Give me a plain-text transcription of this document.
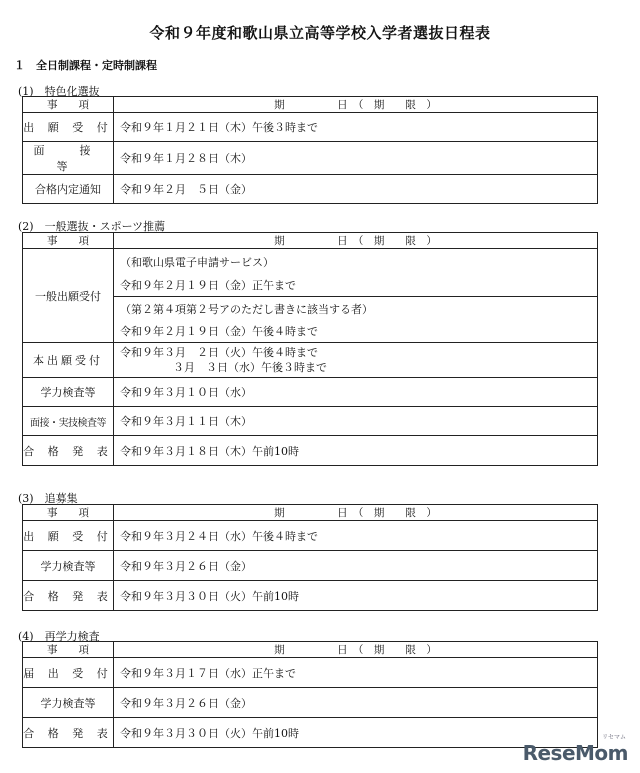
令和９年度和歌山県立高等学校入学者選抜日程表
１　全日制課程・定時制課程
(1)　特色化選抜
事　　項	期　　　　　日　（　期　　限　）
出 願 受 付	令和９年１月２１日（木）午後３時まで
面　接　等	令和９年１月２８日（木）
合格内定通知	令和９年２月　５日（金）
(2)　一般選抜・スポーツ推薦
事　　項	期　　　　　日　（　期　　限　）
一般出願受付	（和歌山県電子申請サービス）
	令和９年２月１９日（金）正午まで
	（第２第４項第２号アのただし書きに該当する者）
	令和９年２月１９日（金）午後４時まで
本出願受付	令和９年３月　２日（火）午後４時まで
３月　３日（水）午後３時まで

学力検査等	令和９年３月１０日（水）
面接・実技検査等	令和９年３月１１日（木）
合 格 発 表	令和９年３月１８日（木）午前10時
(3)　追募集
事　　項	期　　　　　日　（　期　　限　）
出 願 受 付	令和９年３月２４日（水）午後４時まで
学力検査等	令和９年３月２６日（金）
合 格 発 表	令和９年３月３０日（火）午前10時
(4)　再学力検査
事　　項	期　　　　　日　（　期　　限　）
届 出 受 付	令和９年３月１７日（水）正午まで
学力検査等	令和９年３月２６日（金）
合 格 発 表	令和９年３月３０日（火）午前10時	リセマム
ReseMom
